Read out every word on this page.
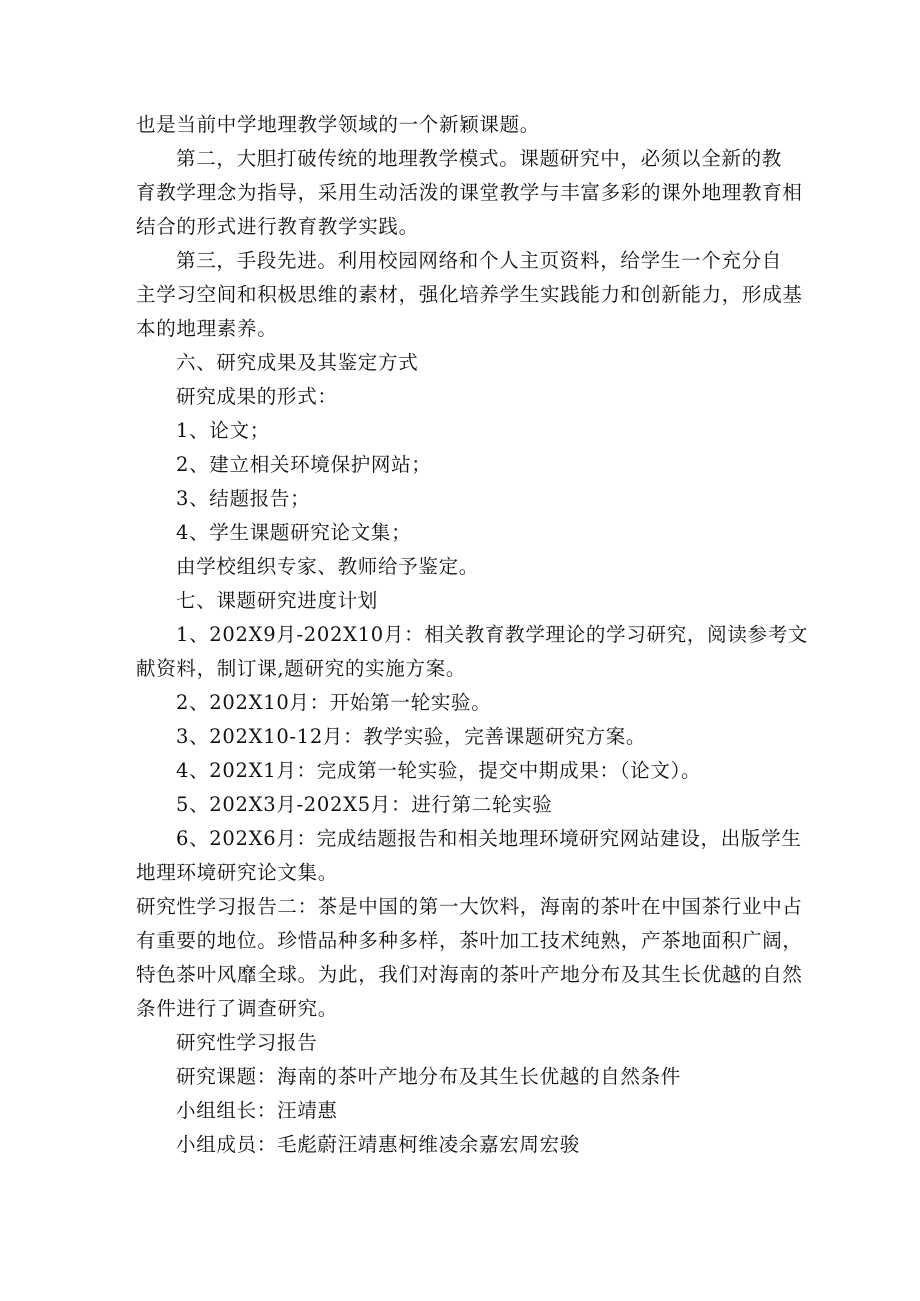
也是当前中学地理教学领域的一个新颖课题。
第二，大胆打破传统的地理教学模式。课题研究中，必须以全新的教
育教学理念为指导，采用生动活泼的课堂教学与丰富多彩的课外地理教育相
结合的形式进行教育教学实践。
第三，手段先进。利用校园网络和个人主页资料，给学生一个充分自
主学习空间和积极思维的素材，强化培养学生实践能力和创新能力，形成基
本的地理素养。
六、研究成果及其鉴定方式
研究成果的形式：
1、论文；
2、建立相关环境保护网站；
3、结题报告；
4、学生课题研究论文集；
由学校组织专家、教师给予鉴定。
七、课题研究进度计划
1、202X9月-202X10月：相关教育教学理论的学习研究，阅读参考文
献资料，制订课,题研究的实施方案。
2、202X10月：开始第一轮实验。
3、202X10-12月：教学实验，完善课题研究方案。
4、202X1月：完成第一轮实验，提交中期成果：（论文）。
5、202X3月-202X5月：进行第二轮实验
6、202X6月：完成结题报告和相关地理环境研究网站建设，出版学生
地理环境研究论文集。
研究性学习报告二：茶是中国的第一大饮料，海南的茶叶在中国茶行业中占
有重要的地位。珍惜品种多种多样，茶叶加工技术纯熟，产茶地面积广阔，
特色茶叶风靡全球。为此，我们对海南的茶叶产地分布及其生长优越的自然
条件进行了调查研究。
研究性学习报告
研究课题：海南的茶叶产地分布及其生长优越的自然条件
小组组长：汪靖惠
小组成员：毛彪蔚汪靖惠柯维凌余嘉宏周宏骏
